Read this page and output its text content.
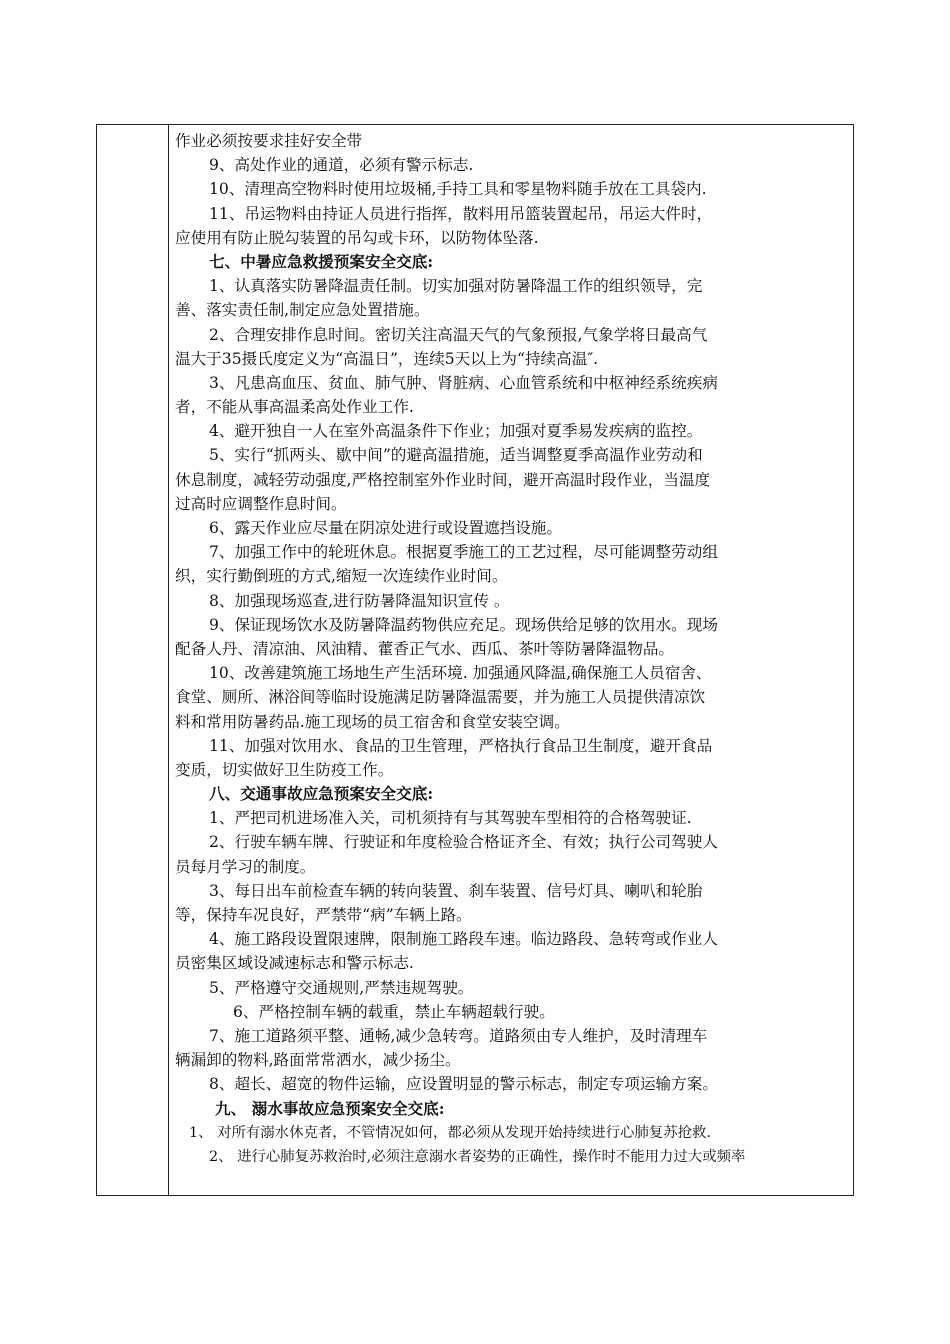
作业必须按要求挂好安全带
9、高处作业的通道，必须有警示标志.
10、清理高空物料时使用垃圾桶,手持工具和零星物料随手放在工具袋内.
11、吊运物料由持证人员进行指挥，散料用吊篮装置起吊，吊运大件时，
应使用有防止脱勾装置的吊勾或卡环，以防物体坠落.
七、中暑应急救援预案安全交底:
1、认真落实防暑降温责任制。切实加强对防暑降温工作的组织领导，完
善、落实责任制,制定应急处置措施。
2、合理安排作息时间。密切关注高温天气的气象预报,气象学将日最高气
温大于35摄氏度定义为“高温日”，连续5天以上为“持续高温″.
3、凡患高血压、贫血、肺气肿、肾脏病、心血管系统和中枢神经系统疾病
者，不能从事高温柔高处作业工作.
4、避开独自一人在室外高温条件下作业；加强对夏季易发疾病的监控。
5、实行“抓两头、歇中间”的避高温措施，适当调整夏季高温作业劳动和
休息制度，减轻劳动强度,严格控制室外作业时间，避开高温时段作业，当温度
过高时应调整作息时间。
6、露天作业应尽量在阴凉处进行或设置遮挡设施。
7、加强工作中的轮班休息。根据夏季施工的工艺过程，尽可能调整劳动组
织，实行勤倒班的方式,缩短一次连续作业时间。
8、加强现场巡查,进行防暑降温知识宣传 。
9、保证现场饮水及防暑降温药物供应充足。现场供给足够的饮用水。现场
配备人丹、清凉油、风油精、藿香正气水、西瓜、茶叶等防暑降温物品。
10、改善建筑施工场地生产生活环境. 加强通风降温,确保施工人员宿舍、
食堂、厕所、淋浴间等临时设施满足防暑降温需要，并为施工人员提供清凉饮
料和常用防暑药品.施工现场的员工宿舍和食堂安装空调。
11、加强对饮用水、食品的卫生管理，严格执行食品卫生制度，避开食品
变质，切实做好卫生防疫工作。
八、交通事故应急预案安全交底:
1、严把司机进场准入关，司机须持有与其驾驶车型相符的合格驾驶证.
2、行驶车辆车牌、行驶证和年度检验合格证齐全、有效；执行公司驾驶人
员每月学习的制度。
3、每日出车前检查车辆的转向装置、刹车装置、信号灯具、喇叭和轮胎
等，保持车况良好，严禁带“病”车辆上路。
4、施工路段设置限速牌，限制施工路段车速。临边路段、急转弯或作业人
员密集区域设减速标志和警示标志.
5、严格遵守交通规则,严禁违规驾驶。
6、严格控制车辆的载重，禁止车辆超载行驶。
7、施工道路须平整、通畅,减少急转弯。道路须由专人维护，及时清理车
辆漏卸的物料,路面常常洒水，减少扬尘。
8、超长、超宽的物件运输，应设置明显的警示标志，制定专项运输方案。
九、 溺水事故应急预案安全交底:
1、 对所有溺水休克者，不管情况如何，都必须从发现开始持续进行心肺复苏抢救.
2、 进行心肺复苏救治时,必须注意溺水者姿势的正确性，操作时不能用力过大或频率
